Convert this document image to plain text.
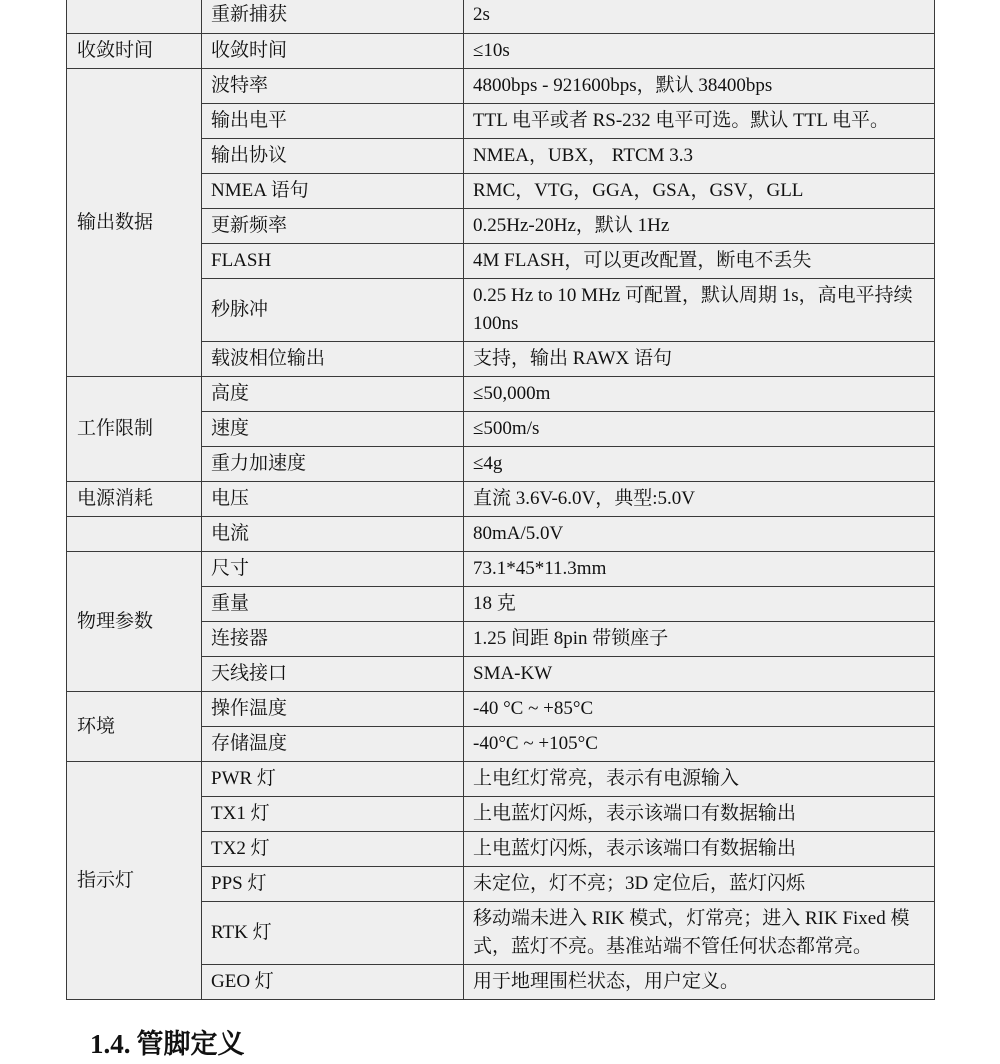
	重新捕获	2s
收敛时间	收敛时间	≤10s
输出数据	波特率	4800bps - 921600bps，默认 38400bps
	输出电平	TTL 电平或者 RS-232 电平可选。默认 TTL 电平。
	输出协议	NMEA，UBX， RTCM 3.3
	NMEA 语句	RMC，VTG，GGA，GSA，GSV，GLL
	更新频率	0.25Hz-20Hz，默认 1Hz
	FLASH	4M FLASH，可以更改配置，断电不丢失
	秒脉冲	0.25 Hz to 10 MHz 可配置，默认周期 1s，高电平持续 100ns
	载波相位输出	支持，输出 RAWX 语句
工作限制	高度	≤50,000m
	速度	≤500m/s
	重力加速度	≤4g
电源消耗	电压	直流 3.6V-6.0V，典型:5.0V
	电流	80mA/5.0V
物理参数	尺寸	73.1*45*11.3mm
	重量	18 克
	连接器	1.25 间距 8pin 带锁座子
	天线接口	SMA-KW
环境	操作温度	-40 °C ~ +85°C
	存储温度	-40°C ~ +105°C
指示灯	PWR 灯	上电红灯常亮，表示有电源输入
	TX1 灯	上电蓝灯闪烁，表示该端口有数据输出
	TX2 灯	上电蓝灯闪烁，表示该端口有数据输出
	PPS 灯	未定位，灯不亮；3D 定位后，蓝灯闪烁
	RTK 灯	移动端未进入 RIK 模式，灯常亮；进入 RIK Fixed 模式，蓝灯不亮。基准站端不管任何状态都常亮。
	GEO 灯	用于地理围栏状态，用户定义。
1.4. 管脚定义
